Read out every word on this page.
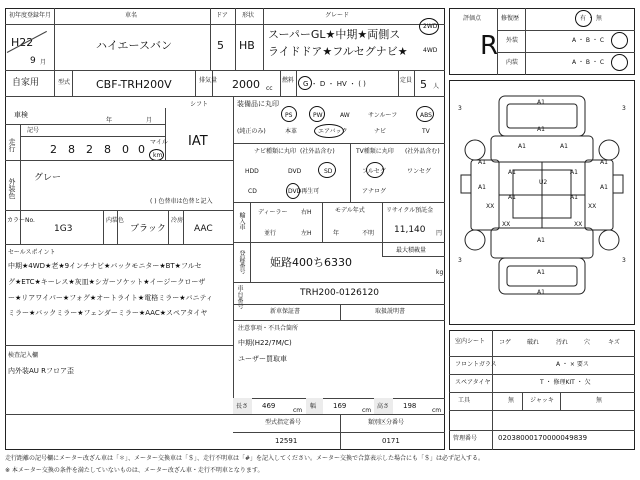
初年度登録年月	車名	ドア 形状	グレード
H22
9 月
ハイエースバン	5 HB
スーパーGL★中期★両側ス
ライドドア★フルセグナビ★
2WD
4WD
自家用	型式 CBF-TRH200V	排気量 2000 cc
燃料 G ・ D ・ HV ・ ( )	定員 5 人
車検
シフト
年	月
IAT
走行
記号
2 8 2 8 0 0
マイル
km
外装色 グレー
( ) 色替車は色替と記入
カラーNo.
1G3
内装色
ブラック
冷房
AAC
セールスポイント
中期★4WD★老★9インチナビ★バックモニター★BT★フルセ
グ★ETC★キーレス★灰皿★シガーソケット★イージークローザ
ー★リアワイパー★フォグ★オートライト★電格ミラー★バニティ
ミラー★バックミラー★フェンダーミラー★AAC★スペアタイヤ
検査記入欄
内外装AU Rフロア歪
装備品に丸印
(純正のみ)
PS	PW	AW	サンルーフ	ABS
本革	エアバック	ナビ	TV
ナビ種類に丸印 (社外品含む)
HDD	DVD	SD
CD	DVD再生可
TV種類に丸印 (社外品含む)
フルセグ	ワンセグ
アナログ
輸入車 ディーラー
並行
右H
左H
モデル年式
年	不明
リサイクル預託金
11,140 円
登録番号 姫路400ち6330
最大積載量
kg
車台番号	TRH200-0126120
新車保証書	取扱説明書
注意事項・不具合箇所
中期(H22/7M/C)
ユーザー買取車
長さ 469
cm
幅 169
cm
高さ 198
cm
型式指定番号
12591
類別区分番号
0171
評価点
R
修復歴	有 ・ 無
外装	A ・ B ・ C
内装	A ・ B ・ C
3	3
3	3
A1
A1
A1	A1
A1	A1
A1	A1
A1	A1
U2
A1	A1
XX	XX
XX	XX
A1
A1
A1
室内シート	コゲ	破れ	汚れ	穴	キズ
フロントガラス	A ・ × 要ス
スペアタイヤ	T ・ 修理KIT ・ 欠
工具	無	ジャッキ	無
管理番号	02038000170000049839
走行距離の記号欄にメーター改ざん車は「＊」、メーター交換車は「＄」、走行不明車は「#」を記入してください。メーター交換で合算表示した場合にも「＄」は必ず記入する。
※ 本メーター交換の条件を満たしていないものは、メーター改ざん車・走行不明車となります。
